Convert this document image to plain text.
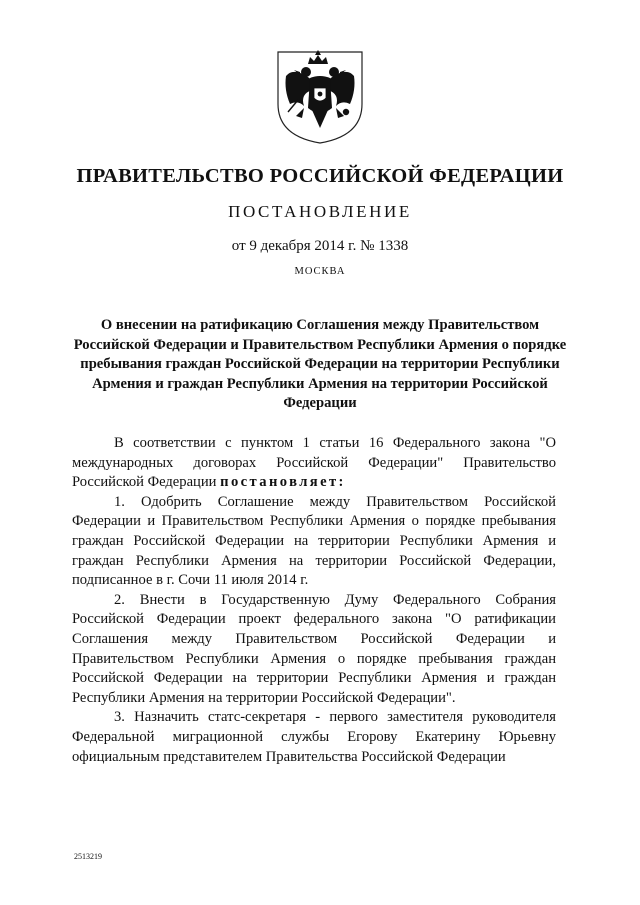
ПРАВИТЕЛЬСТВО РОССИЙСКОЙ ФЕДЕРАЦИИ
ПОСТАНОВЛЕНИЕ
от 9 декабря 2014 г. № 1338
МОСКВА

О внесении на ратификацию Соглашения между Правительством Российской Федерации и Правительством Республики Армения о порядке пребывания граждан Российской Федерации на территории Республики Армения и граждан Республики Армения на территории Российской Федерации

В соответствии с пунктом 1 статьи 16 Федерального закона "О международных договорах Российской Федерации" Правительство Российской Федерации постановляет:

1. Одобрить Соглашение между Правительством Российской Федерации и Правительством Республики Армения о порядке пребывания граждан Российской Федерации на территории Республики Армения и граждан Республики Армения на территории Российской Федерации, подписанное в г. Сочи 11 июля 2014 г.

2. Внести в Государственную Думу Федерального Собрания Российской Федерации проект федерального закона "О ратификации Соглашения между Правительством Российской Федерации и Правительством Республики Армения о порядке пребывания граждан Российской Федерации на территории Республики Армения и граждан Республики Армения на территории Российской Федерации".

3. Назначить статс-секретаря - первого заместителя руководителя Федеральной миграционной службы Егорову Екатерину Юрьевну официальным представителем Правительства Российской Федерации

2513219
